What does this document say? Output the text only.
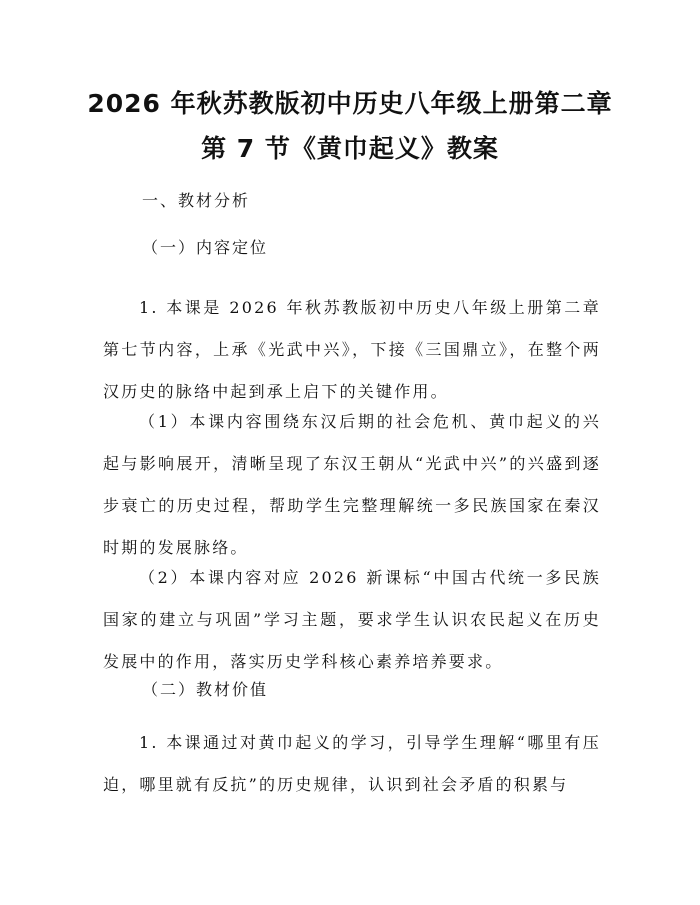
2026 年秋苏教版初中历史八年级上册第二章
第 7 节《黄巾起义》教案
一、教材分析
（一）内容定位
1. 本课是 2026 年秋苏教版初中历史八年级上册第二章第七节内容，上承《光武中兴》，下接《三国鼎立》，在整个两汉历史的脉络中起到承上启下的关键作用。
（1）本课内容围绕东汉后期的社会危机、黄巾起义的兴起与影响展开，清晰呈现了东汉王朝从“光武中兴”的兴盛到逐步衰亡的历史过程，帮助学生完整理解统一多民族国家在秦汉时期的发展脉络。
（2）本课内容对应 2026 新课标“中国古代统一多民族国家的建立与巩固”学习主题，要求学生认识农民起义在历史发展中的作用，落实历史学科核心素养培养要求。
（二）教材价值
1. 本课通过对黄巾起义的学习，引导学生理解“哪里有压迫，哪里就有反抗”的历史规律，认识到社会矛盾的积累与
